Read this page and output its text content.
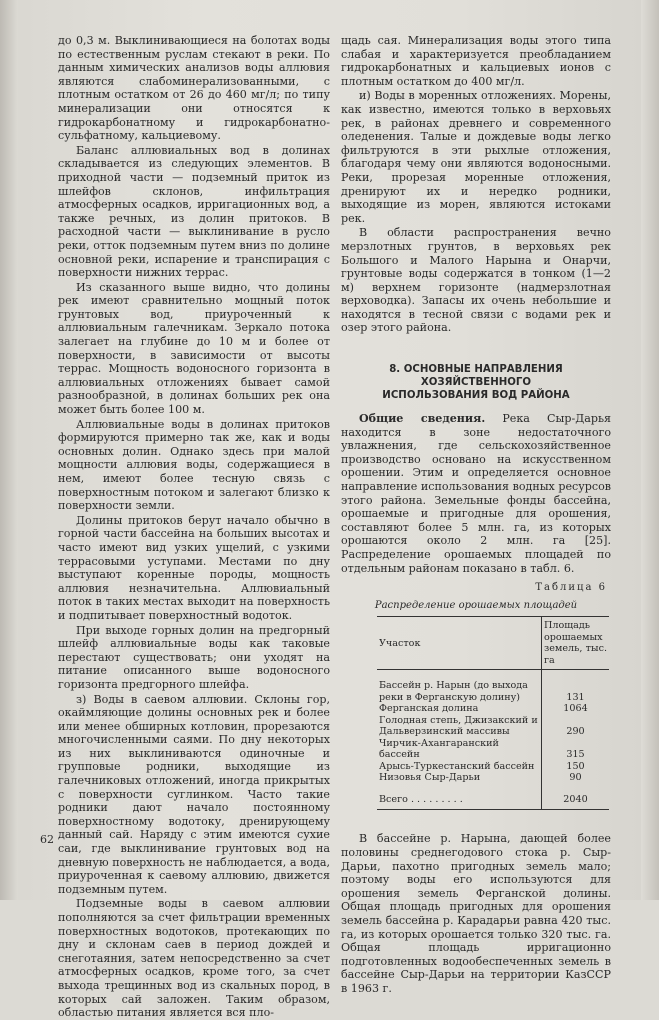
до 0,3 м. Выклинивающиеся на болотах воды по естественным руслам стекают в реки. По данным химических анализов воды аллювия являются слабоминерализованными, с плотным остатком от 26 до 460 мг/л; по типу минерализации они относятся к гидрокарбонатному и гидрокарбонатно-сульфатному, кальциевому.

Баланс аллювиальных вод в долинах складывается из следующих элементов. В приходной части — подземный приток из шлейфов склонов, инфильтрация атмосферных осадков, ирригационных вод, а также речных, из долин притоков. В расходной части — выклинивание в русло реки, отток подземным путем вниз по долине основной реки, испарение и транспирация с поверхности нижних террас.

Из сказанного выше видно, что долины рек имеют сравнительно мощный поток грунтовых вод, приуроченный к аллювиальным галечникам. Зеркало потока залегает на глубине до 10 м и более от поверхности, в зависимости от высоты террас. Мощность водоносного горизонта в аллювиальных отложениях бывает самой разнообразной, в долинах больших рек она может быть более 100 м.

Аллювиальные воды в долинах притоков формируются примерно так же, как и воды основных долин. Однако здесь при малой мощности аллювия воды, содержащиеся в нем, имеют более тесную связь с поверхностным потоком и залегают близко к поверхности земли.

Долины притоков берут начало обычно в горной части бассейна на больших высотах и часто имеют вид узких ущелий, с узкими террасовыми уступами. Местами по дну выступают коренные породы, мощность аллювия незначительна. Аллювиальный поток в таких местах выходит на поверхность и подпитывает поверхностный водоток.

При выходе горных долин на предгорный шлейф аллювиальные воды как таковые перестают существовать; они уходят на питание описанного выше водоносного горизонта предгорного шлейфа.

з) Воды в саевом аллювии. Склоны гор, окаймляющие долины основных рек и более или менее обширных котловин, прорезаются многочисленными саями. По дну некоторых из них выклиниваются одиночные и групповые родники, выходящие из галечниковых отложений, иногда прикрытых с поверхности суглинком. Часто такие родники дают начало постоянному поверхностному водотоку, дренирующему данный сай. Наряду с этим имеются сухие саи, где выклинивание грунтовых вод на дневную поверхность не наблюдается, а вода, приуроченная к саевому аллювию, движется подземным путем.

Подземные воды в саевом аллювии пополняются за счет фильтрации временных поверхностных водотоков, протекающих по дну и склонам саев в период дождей и снеготаяния, затем непосредственно за счет атмосферных осадков, кроме того, за счет выхода трещинных вод из скальных пород, в которых сай заложен. Таким образом, областью питания является вся пло-

щадь сая. Минерализация воды этого типа слабая и характеризуется преобладанием гидрокарбонатных и кальциевых ионов с плотным остатком до 400 мг/л.

и) Воды в моренных отложениях. Морены, как известно, имеются только в верховьях рек, в районах древнего и современного оледенения. Талые и дождевые воды легко фильтруются в эти рыхлые отложения, благодаря чему они являются водоносными. Реки, прорезая моренные отложения, дренируют их и нередко родники, выходящие из морен, являются истоками рек.

В области распространения вечно мерзлотных грунтов, в верховьях рек Большого и Малого Нарына и Онарчи, грунтовые воды содержатся в тонком (1—2 м) верхнем горизонте (надмерзлотная верховодка). Запасы их очень небольшие и находятся в тесной связи с водами рек и озер этого района.

8. ОСНОВНЫЕ НАПРАВЛЕНИЯ ХОЗЯЙСТВЕННОГО
ИСПОЛЬЗОВАНИЯ ВОД РАЙОНА

Общие сведения. Река Сыр-Дарья находится в зоне недостаточного увлажнения, где сельскохозяйственное производство основано на искусственном орошении. Этим и определяется основное направление использования водных ресурсов этого района. Земельные фонды бассейна, орошаемые и пригодные для орошения, составляют более 5 млн. га, из которых орошаются около 2 млн. га [25]. Распределение орошаемых площадей по отдельным районам показано в табл. 6.

Таблица 6
Распределение орошаемых площадей
Участок	Площадь орошаемых земель, тыс. га
Бассейн р. Нарын (до выхода реки в Ферганскую долину)	131
Ферганская долина	1064
Голодная степь, Джизакский и Дальверзинский массивы	290
Чирчик-Ахангаранский бассейн	315
Арысь-Туркестанский бассейн	150
Низовья Сыр-Дарьи	90
Всего . . . . . . . . .	2040

В бассейне р. Нарына, дающей более половины среднегодового стока р. Сыр-Дарьи, пахотно пригодных земель мало; поэтому воды его используются для орошения земель Ферганской долины. Общая площадь пригодных для орошения земель бассейна р. Карадарьи равна 420 тыс. га, из которых орошается только 320 тыс. га. Общая площадь ирригационно подготовленных водообеспеченных земель в бассейне Сыр-Дарьи на территории КазССР в 1963 г.

62
